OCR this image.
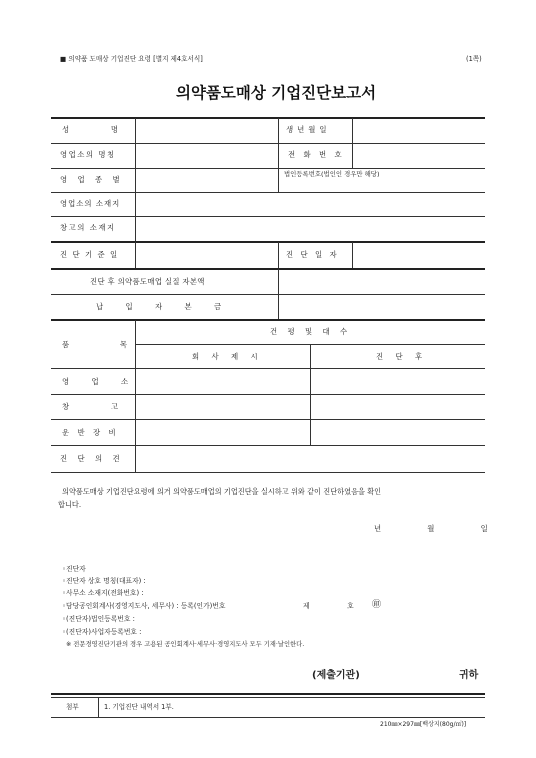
■ 의약품 도매상 기업진단 요령 [별지 제4호서식]	(1쪽)
의약품도매상 기업진단보고서
성　　명	생년월일
영업소의 명칭	전 화 번 호
영 업 종 별
법인등록번호(법인인 경우만 해당)
영업소의 소재지
창고의 소재지
진 단 기 준 일	진 단 일 자
진단 후 의약품도매업 실질 자본액
납 입 자 본 금
품　　목
건 평 및 대 수
회 사 제 시	진 단 후
영 업 소
창　　고
운 반 장 비
진 단 의 견
의약품도매상 기업진단요령에 의거 의약품도매업의 기업진단을 실시하고 위와 같이 진단하였음을 확인
합니다.
년　　　월　　　일
◦진단자
◦진단자 상호 명칭(대표자) :
◦사무소 소재지(전화번호) :
◦담당공인회계사(경영지도사, 세무사) : 등록(인가)번호	제　　호 ㊞
◦(진단자)법인등록번호 :
◦(진단자)사업자등록번호 :
※ 전문경영진단기관의 경우 고용된 공인회계사·세무사·경영지도사 모두 기재·날인한다.
(제출기관)	귀하
첨부	1. 기업진단 내역서 1부.
210㎜×297㎜[백상지(80g/㎡)]
